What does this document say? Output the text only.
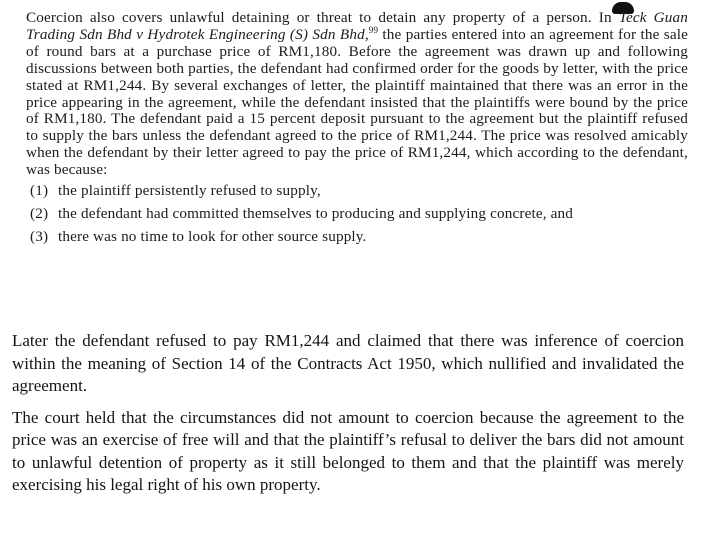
Coercion also covers unlawful detaining or threat to detain any property of a person. In Teck Guan Trading Sdn Bhd v Hydrotek Engineering (S) Sdn Bhd,$^{99}$ the parties entered into an agreement for the sale of round bars at a purchase price of RM1,180. Before the agreement was drawn up and following discussions between both parties, the defendant had confirmed order for the goods by letter, with the price stated at RM1,244. By several exchanges of letter, the plaintiff maintained that there was an error in the price appearing in the agreement, while the defendant insisted that the plaintiffs were bound by the price of RM1,180. The defendant paid a 15 percent deposit pursuant to the agreement but the plaintiff refused to supply the bars unless the defendant agreed to the price of RM1,244. The price was resolved amicably when the defendant by their letter agreed to pay the price of RM1,244, which according to the defendant, was because:

(1) the plaintiff persistently refused to supply,
(2) the defendant had committed themselves to producing and supplying concrete, and
(3) there was no time to look for other source supply.

Later the defendant refused to pay RM1,244 and claimed that there was inference of coercion within the meaning of Section 14 of the Contracts Act 1950, which nullified and invalidated the agreement.

The court held that the circumstances did not amount to coercion because the agreement to the price was an exercise of free will and that the plaintiff’s refusal to deliver the bars did not amount to unlawful detention of property as it still belonged to them and that the plaintiff was merely exercising his legal right of his own property.
